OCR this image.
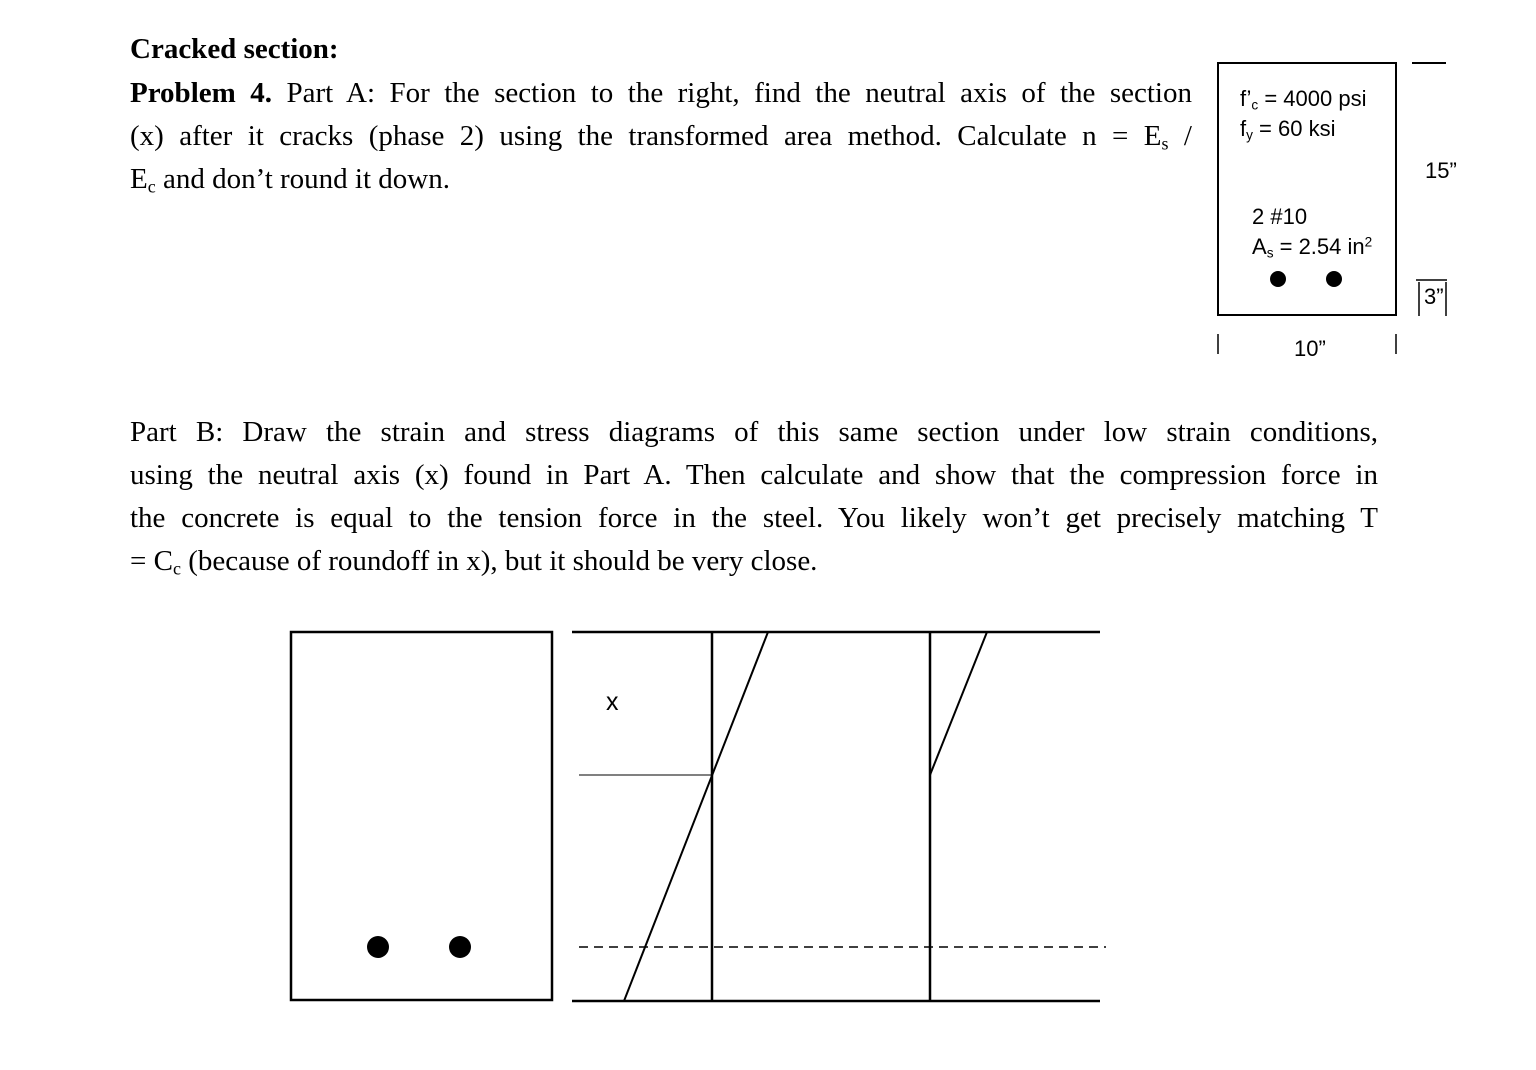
Cracked section:
Problem 4. Part A: For the section to the right, find the neutral axis of the section
(x) after it cracks (phase 2) using the transformed area method. Calculate $n = E_s$ /
$E_c$ and don’t round it down.
Part B: Draw the strain and stress diagrams of this same section under low strain conditions,
using the neutral axis (x) found in Part A. Then calculate and show that the compression force in
the concrete is equal to the tension force in the steel. You likely won’t get precisely matching T
= $C_c$ (because of roundoff in x), but it should be very close.
$f’_c = 4000$ psi
$f_y = 60$ ksi
2 #10
$A_s = 2.54$ $in^2$
15”
3”
10”
x
